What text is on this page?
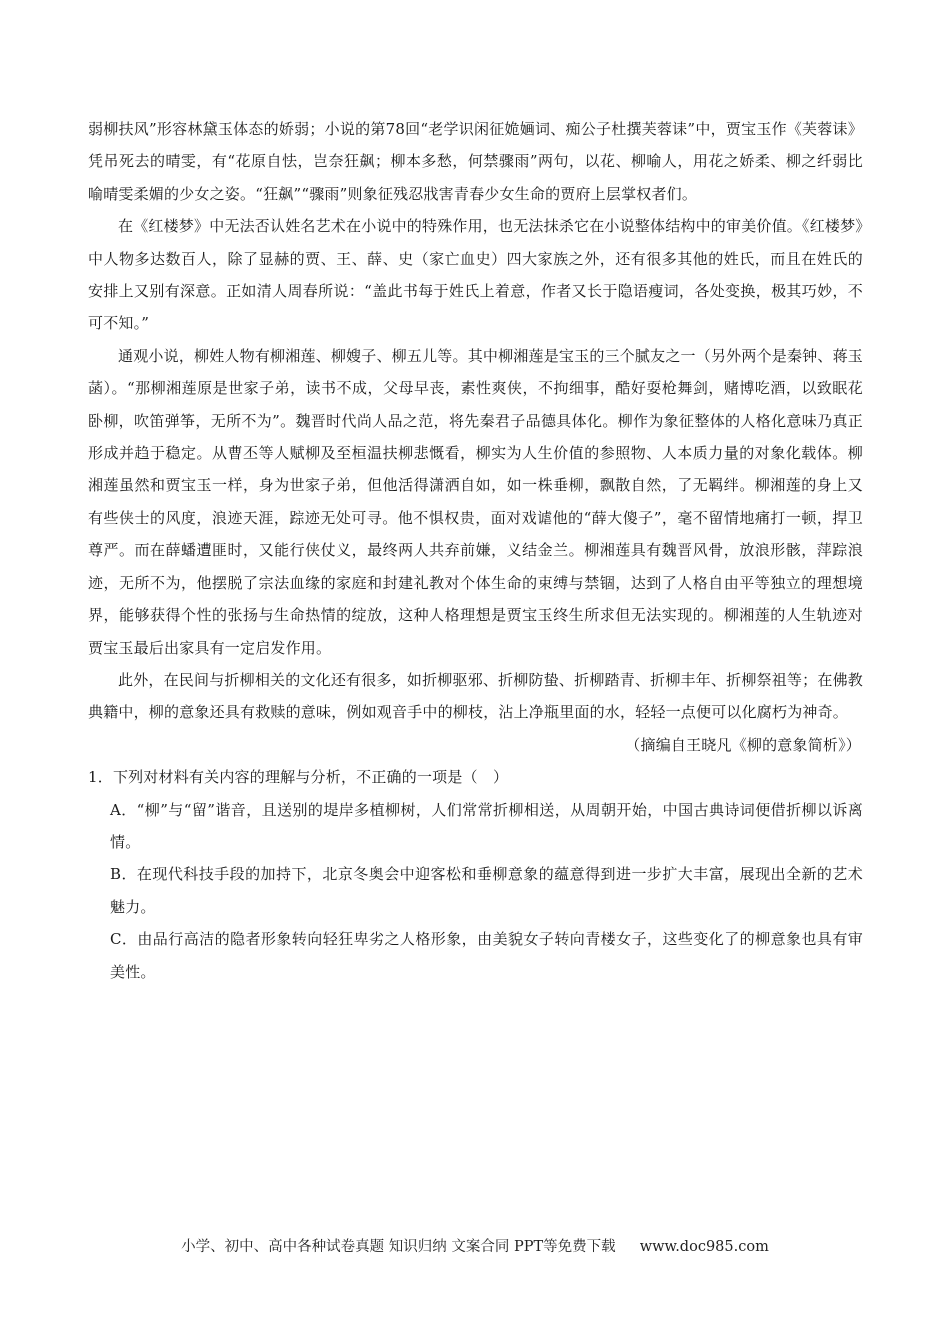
弱柳扶风”形容林黛玉体态的娇弱；小说的第78回“老学识闲征姽婳词、痴公子杜撰芙蓉诔”中，贾宝玉作《芙蓉诔》凭吊死去的晴雯，有“花原自怯，岂奈狂飙；柳本多愁，何禁骤雨”两句，以花、柳喻人，用花之娇柔、柳之纤弱比喻晴雯柔媚的少女之姿。“狂飙”“骤雨”则象征残忍戕害青春少女生命的贾府上层掌权者们。

在《红楼梦》中无法否认姓名艺术在小说中的特殊作用，也无法抹杀它在小说整体结构中的审美价值。《红楼梦》中人物多达数百人，除了显赫的贾、王、薛、史（家亡血史）四大家族之外，还有很多其他的姓氏，而且在姓氏的安排上又别有深意。正如清人周春所说：“盖此书每于姓氏上着意，作者又长于隐语瘦词，各处变换，极其巧妙，不可不知。”

通观小说，柳姓人物有柳湘莲、柳嫂子、柳五儿等。其中柳湘莲是宝玉的三个腻友之一（另外两个是秦钟、蒋玉菡）。“那柳湘莲原是世家子弟，读书不成，父母早丧，素性爽侠，不拘细事，酷好耍枪舞剑，赌博吃酒，以致眠花卧柳，吹笛弹筝，无所不为”。魏晋时代尚人品之范，将先秦君子品德具体化。柳作为象征整体的人格化意味乃真正形成并趋于稳定。从曹丕等人赋柳及至桓温扶柳悲慨看，柳实为人生价值的参照物、人本质力量的对象化载体。柳湘莲虽然和贾宝玉一样，身为世家子弟，但他活得潇洒自如，如一株垂柳，飘散自然，了无羁绊。柳湘莲的身上又有些侠士的风度，浪迹天涯，踪迹无处可寻。他不惧权贵，面对戏谑他的“薛大傻子”，毫不留情地痛打一顿，捍卫尊严。而在薛蟠遭匪时，又能行侠仗义，最终两人共弃前嫌，义结金兰。柳湘莲具有魏晋风骨，放浪形骸，萍踪浪迹，无所不为，他摆脱了宗法血缘的家庭和封建礼教对个体生命的束缚与禁锢，达到了人格自由平等独立的理想境界，能够获得个性的张扬与生命热情的绽放，这种人格理想是贾宝玉终生所求但无法实现的。柳湘莲的人生轨迹对贾宝玉最后出家具有一定启发作用。

此外，在民间与折柳相关的文化还有很多，如折柳驱邪、折柳防蛰、折柳踏青、折柳丰年、折柳祭祖等；在佛教典籍中，柳的意象还具有救赎的意味，例如观音手中的柳枝，沾上净瓶里面的水，轻轻一点便可以化腐朽为神奇。

（摘编自王晓凡《柳的意象简析》）

1．下列对材料有关内容的理解与分析，不正确的一项是（　）

A．“柳”与“留”谐音，且送别的堤岸多植柳树，人们常常折柳相送，从周朝开始，中国古典诗词便借折柳以诉离情。

B．在现代科技手段的加持下，北京冬奥会中迎客松和垂柳意象的蕴意得到进一步扩大丰富，展现出全新的艺术魅力。

C．由品行高洁的隐者形象转向轻狂卑劣之人格形象，由美貌女子转向青楼女子，这些变化了的柳意象也具有审美性。

小学、初中、高中各种试卷真题 知识归纳 文案合同 PPT等免费下载 www.doc985.com
